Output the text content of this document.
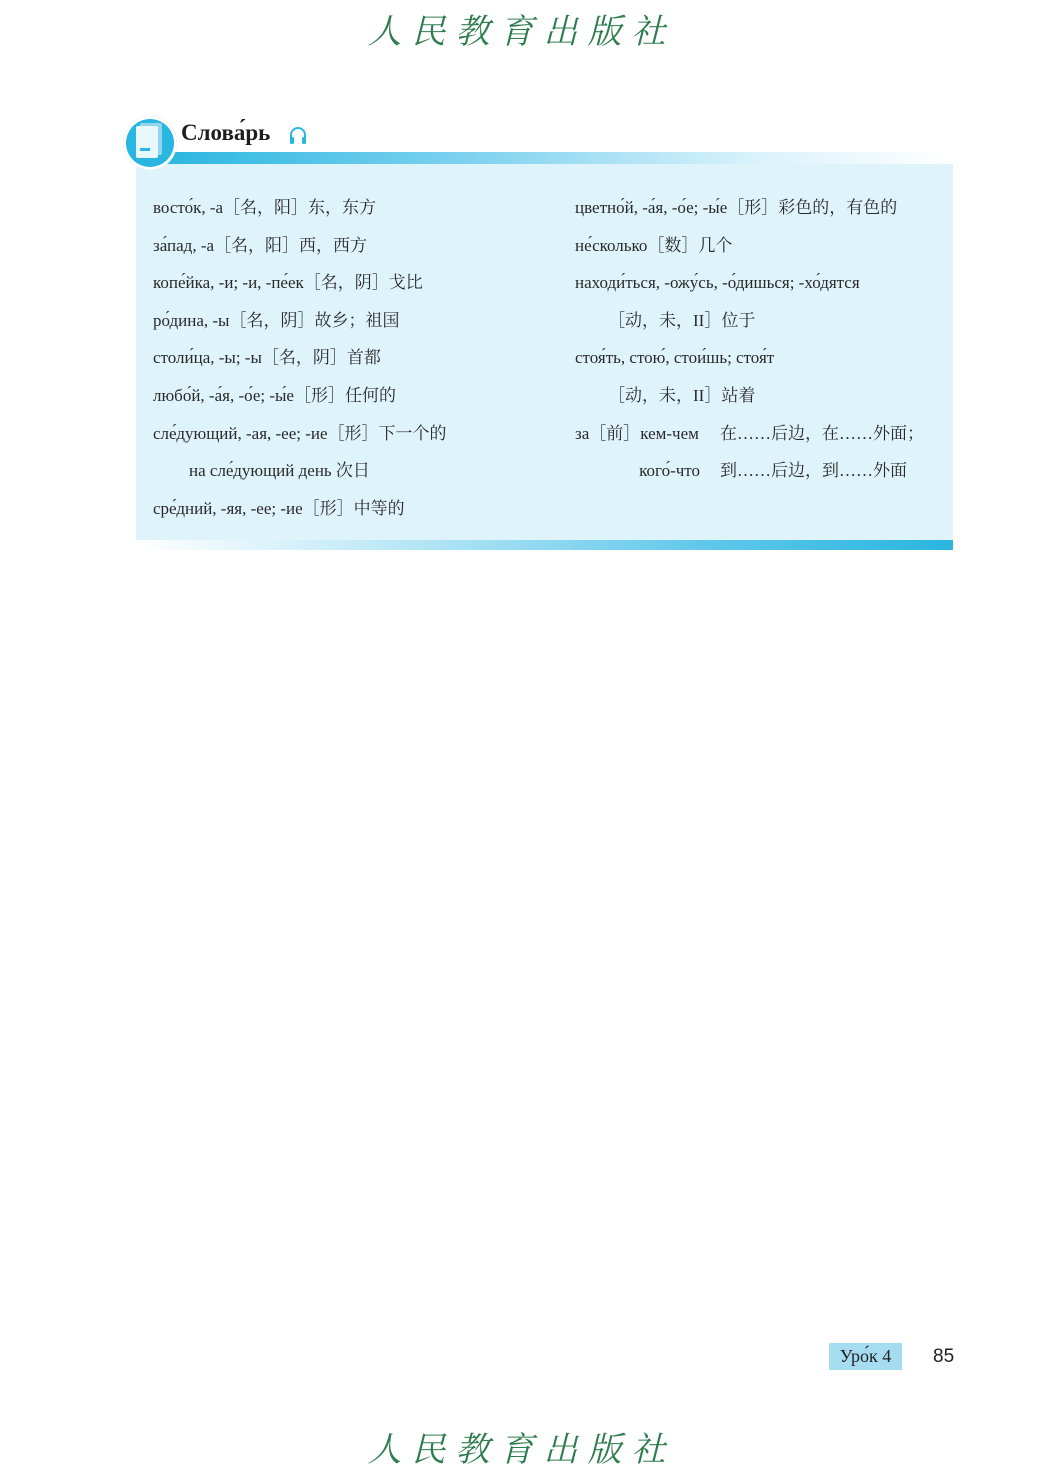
人民教育出版社
Слова́рь
восто́к, -а［名，阳］东，东方
за́пад, -а［名，阳］西，西方
копе́йка, -и; -и, -пе́ек［名，阴］戈比
ро́дина, -ы［名，阴］故乡；祖国
столи́ца, -ы; -ы［名，阴］首都
любо́й, -а́я, -о́е; -ы́е［形］任何的
сле́дующий, -ая, -ее; -ие［形］下一个的
на сле́дующий день 次日
сре́дний, -яя, -ее; -ие［形］中等的
цветно́й, -а́я, -о́е; -ы́е［形］彩色的，有色的
не́сколько［数］几个
находи́ться, -ожу́сь, -о́дишься; -хо́дятся
［动，未，II］位于
стоя́ть, стою́, стои́шь; стоя́т
［动，未，II］站着
за［前］кем-чем	在……后边，在……外面；
кого́-что	到……后边，到……外面
Уро́к 4	85
人民教育出版社
